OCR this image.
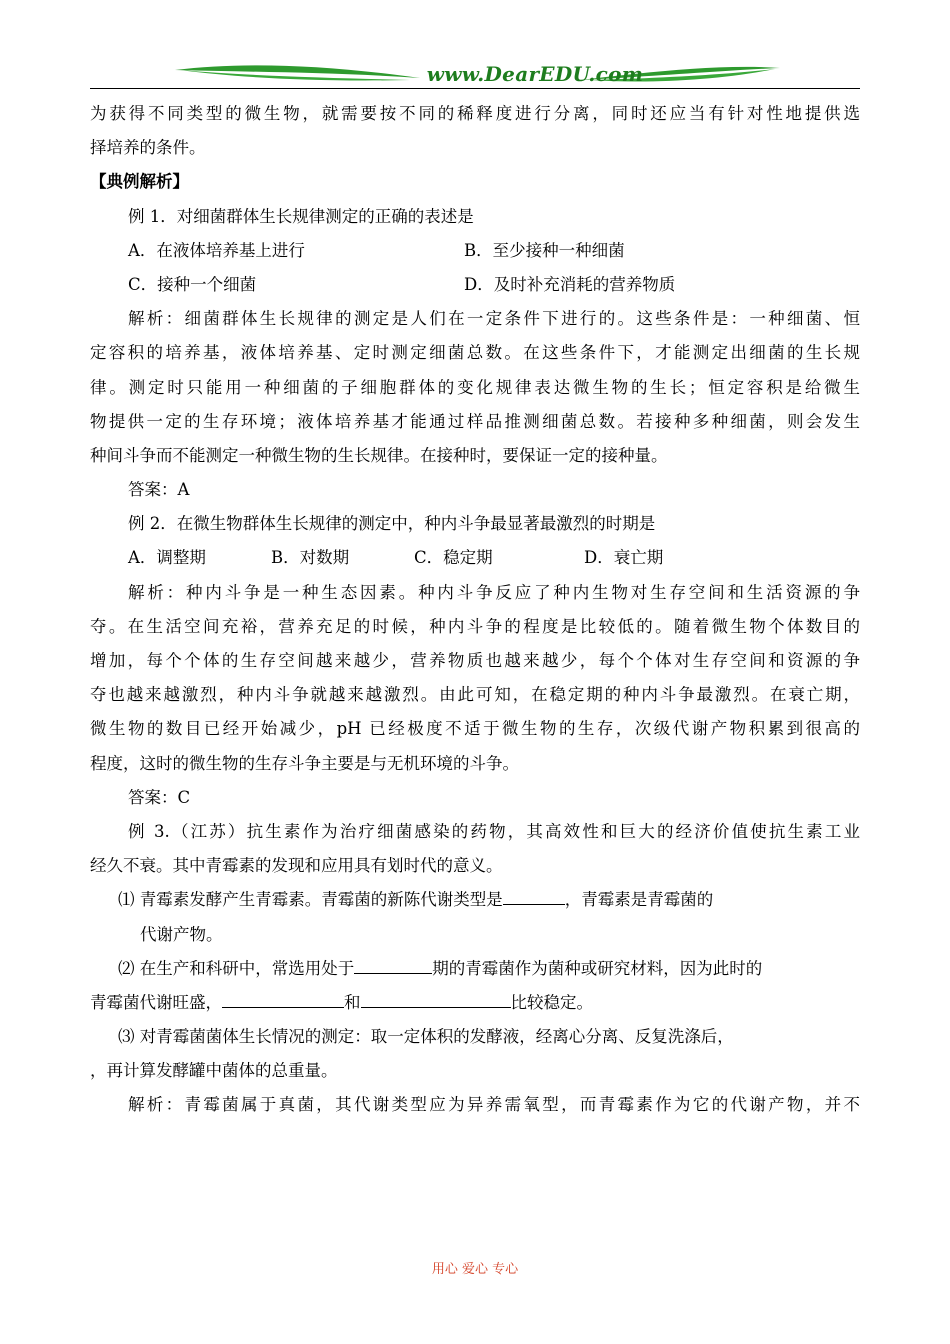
www.DearEDU.com
为获得不同类型的微生物，就需要按不同的稀释度进行分离，同时还应当有针对性地提供选
择培养的条件。
【典例解析】
例 1．对细菌群体生长规律测定的正确的表述是
A．在液体培养基上进行	B．至少接种一种细菌
C．接种一个细菌	D．及时补充消耗的营养物质
解析：细菌群体生长规律的测定是人们在一定条件下进行的。这些条件是：一种细菌、恒
定容积的培养基，液体培养基、定时测定细菌总数。在这些条件下，才能测定出细菌的生长规
律。测定时只能用一种细菌的子细胞群体的变化规律表达微生物的生长；恒定容积是给微生
物提供一定的生存环境；液体培养基才能通过样品推测细菌总数。若接种多种细菌，则会发生
种间斗争而不能测定一种微生物的生长规律。在接种时，要保证一定的接种量。
答案：A
例 2．在微生物群体生长规律的测定中，种内斗争最显著最激烈的时期是
A．调整期	B．对数期	C．稳定期	D．衰亡期
解析：种内斗争是一种生态因素。种内斗争反应了种内生物对生存空间和生活资源的争
夺。在生活空间充裕，营养充足的时候，种内斗争的程度是比较低的。随着微生物个体数目的
增加，每个个体的生存空间越来越少，营养物质也越来越少，每个个体对生存空间和资源的争
夺也越来越激烈，种内斗争就越来越激烈。由此可知，在稳定期的种内斗争最激烈。在衰亡期，
微生物的数目已经开始减少，pH 已经极度不适于微生物的生存，次级代谢产物积累到很高的
程度，这时的微生物的生存斗争主要是与无机环境的斗争。
答案：C
例 3.（江苏）抗生素作为治疗细菌感染的药物，其高效性和巨大的经济价值使抗生素工业
经久不衰。其中青霉素的发现和应用具有划时代的意义。
⑴ 青霉素发酵产生青霉素。青霉菌的新陈代谢类型是	，青霉素是青霉菌的
代谢产物。
⑵ 在生产和科研中，常选用处于	期的青霉菌作为菌种或研究材料，因为此时的
青霉菌代谢旺盛，	和	比较稳定。
⑶ 对青霉菌菌体生长情况的测定：取一定体积的发酵液，经离心分离、反复洗涤后，
，再计算发酵罐中菌体的总重量。
解析：青霉菌属于真菌，其代谢类型应为异养需氧型，而青霉素作为它的代谢产物，并不
用心 爱心 专心
